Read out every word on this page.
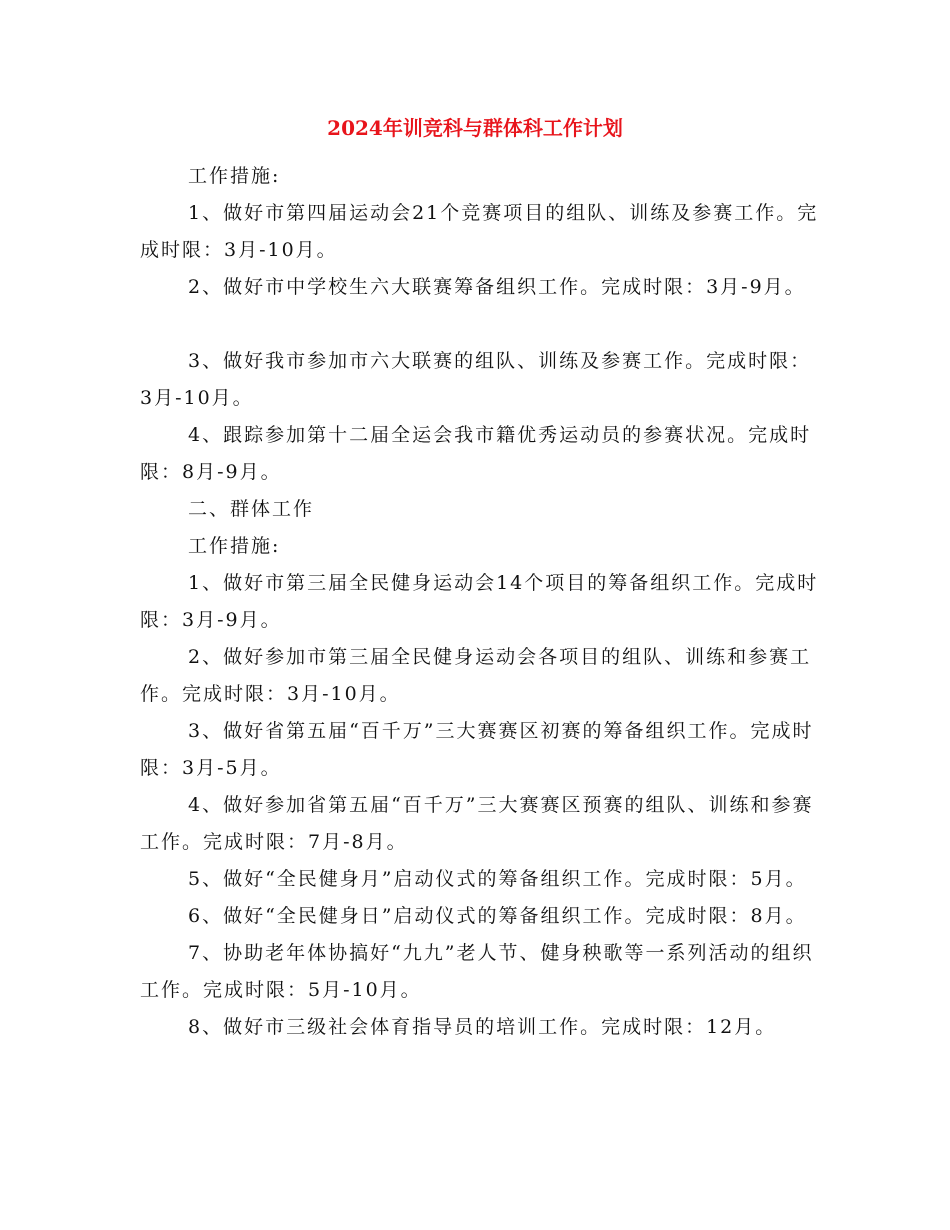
2024年训竞科与群体科工作计划

工作措施:

1、做好市第四届运动会21个竞赛项目的组队、训练及参赛工作。完成时限：3月-10月。

2、做好市中学校生六大联赛筹备组织工作。完成时限：3月-9月。

3、做好我市参加市六大联赛的组队、训练及参赛工作。完成时限：3月-10月。

4、跟踪参加第十二届全运会我市籍优秀运动员的参赛状况。完成时限：8月-9月。

二、群体工作

工作措施:

1、做好市第三届全民健身运动会14个项目的筹备组织工作。完成时限：3月-9月。

2、做好参加市第三届全民健身运动会各项目的组队、训练和参赛工作。完成时限：3月-10月。

3、做好省第五届“百千万”三大赛赛区初赛的筹备组织工作。完成时限：3月-5月。

4、做好参加省第五届“百千万”三大赛赛区预赛的组队、训练和参赛工作。完成时限：7月-8月。

5、做好“全民健身月”启动仪式的筹备组织工作。完成时限：5月。

6、做好“全民健身日”启动仪式的筹备组织工作。完成时限：8月。

7、协助老年体协搞好“九九”老人节、健身秧歌等一系列活动的组织工作。完成时限：5月-10月。

8、做好市三级社会体育指导员的培训工作。完成时限：12月。
